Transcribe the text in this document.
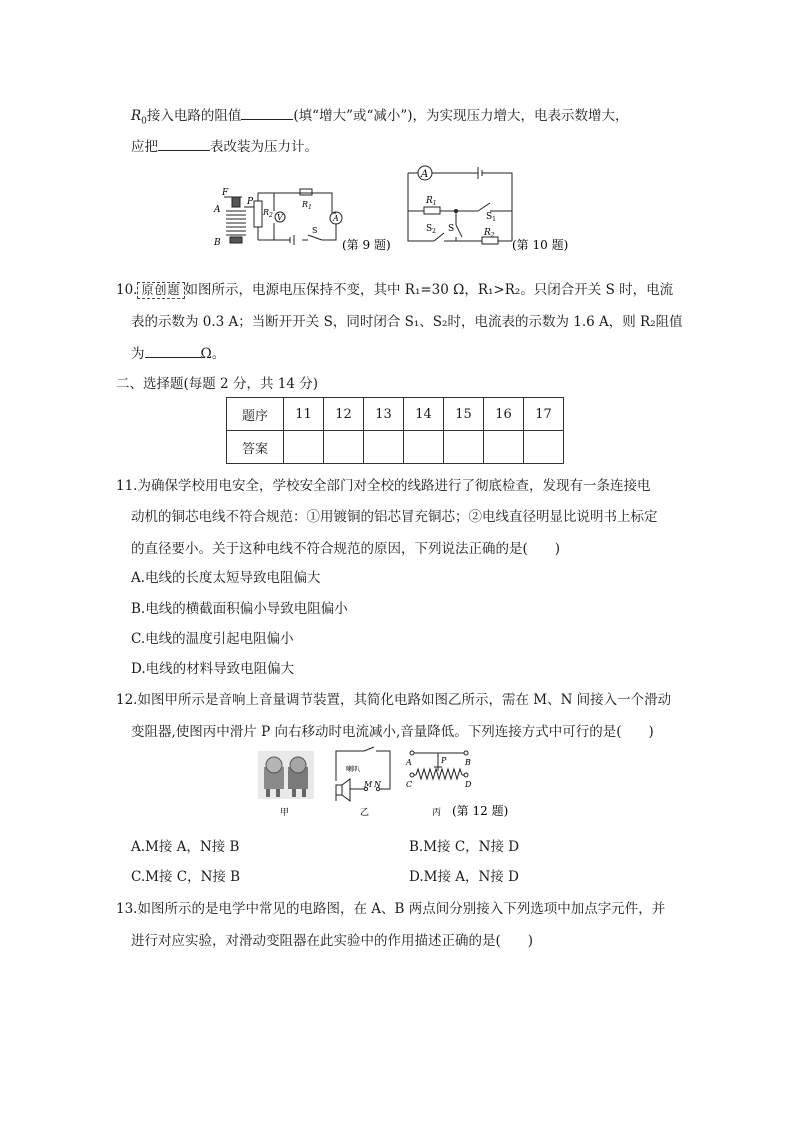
$R_0$接入电路的阻值	(填“增大”或“减小”)，为实现压力增大，电表示数增大，
应把	表改装为压力计。
F
P
A
B
$R_2$ V
$R_1$
A
S
(第 9 题)
A
$R_1$
$S_1$
S
$S_2$	$R_2$
(第 10 题)
10. 原创题 如图所示，电源电压保持不变，其中 R₁=30 Ω，R₁>R₂。只闭合开关 S 时，电流
表的示数为 0.3 A；当断开开关 S，同时闭合 S₁、S₂时，电流表的示数为 1.6 A，则 R₂阻值
为	Ω。
二、选择题(每题 2 分，共 14 分)
题序	11	12	13	14	15	16	17
答案							
11.为确保学校用电安全，学校安全部门对全校的线路进行了彻底检查，发现有一条连接电
动机的铜芯电线不符合规范：①用镀铜的铝芯冒充铜芯；②电线直径明显比说明书上标定
的直径要小。关于这种电线不符合规范的原因，下列说法正确的是(　　)
A.电线的长度太短导致电阻偏大
B.电线的横截面积偏小导致电阻偏小
C.电线的温度引起电阻偏小
D.电线的材料导致电阻偏大
12.如图甲所示是音响上音量调节装置，其简化电路如图乙所示，需在 M、N 间接入一个滑动
变阻器,使图丙中滑片 P 向右移动时电流减小,音量降低。下列连接方式中可行的是(　　)
喇叭
M N
A	B
P
C	D
甲	乙	丙 (第 12 题)
A.M接 A，N接 B	B.M接 C，N接 D
C.M接 C，N接 B	D.M接 A，N接 D
13.如图所示的是电学中常见的电路图，在 A、B 两点间分别接入下列选项中加点字元件，并
进行对应实验，对滑动变阻器在此实验中的作用描述正确的是(　　)
